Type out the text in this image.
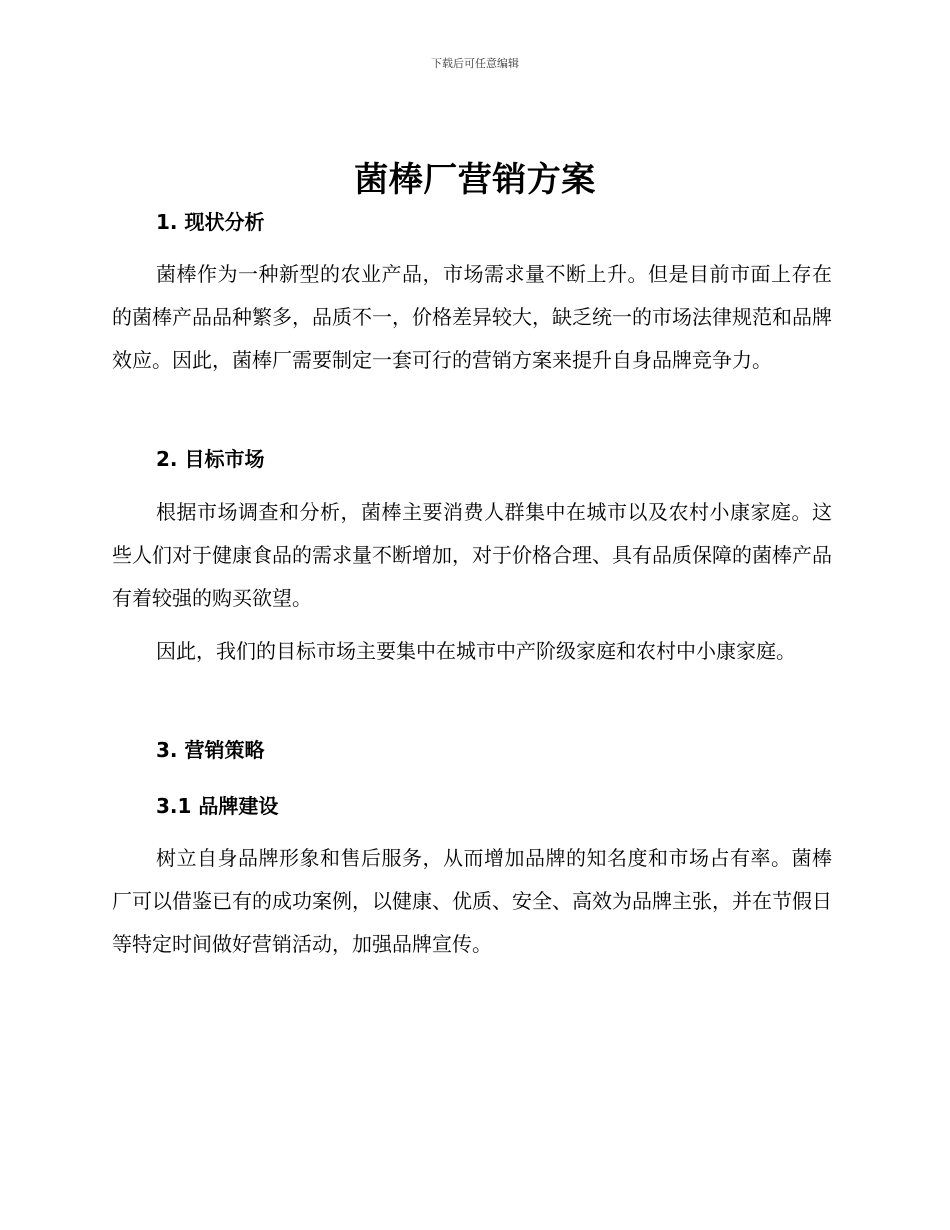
下载后可任意编辑
菌棒厂营销方案
1. 现状分析
菌棒作为一种新型的农业产品，市场需求量不断上升。但是目前市面上存在的菌棒产品品种繁多，品质不一，价格差异较大，缺乏统一的市场法律规范和品牌效应。因此，菌棒厂需要制定一套可行的营销方案来提升自身品牌竞争力。
2. 目标市场
根据市场调查和分析，菌棒主要消费人群集中在城市以及农村小康家庭。这些人们对于健康食品的需求量不断增加，对于价格合理、具有品质保障的菌棒产品有着较强的购买欲望。
因此，我们的目标市场主要集中在城市中产阶级家庭和农村中小康家庭。
3. 营销策略
3.1 品牌建设
树立自身品牌形象和售后服务，从而增加品牌的知名度和市场占有率。菌棒厂可以借鉴已有的成功案例，以健康、优质、安全、高效为品牌主张，并在节假日等特定时间做好营销活动，加强品牌宣传。
